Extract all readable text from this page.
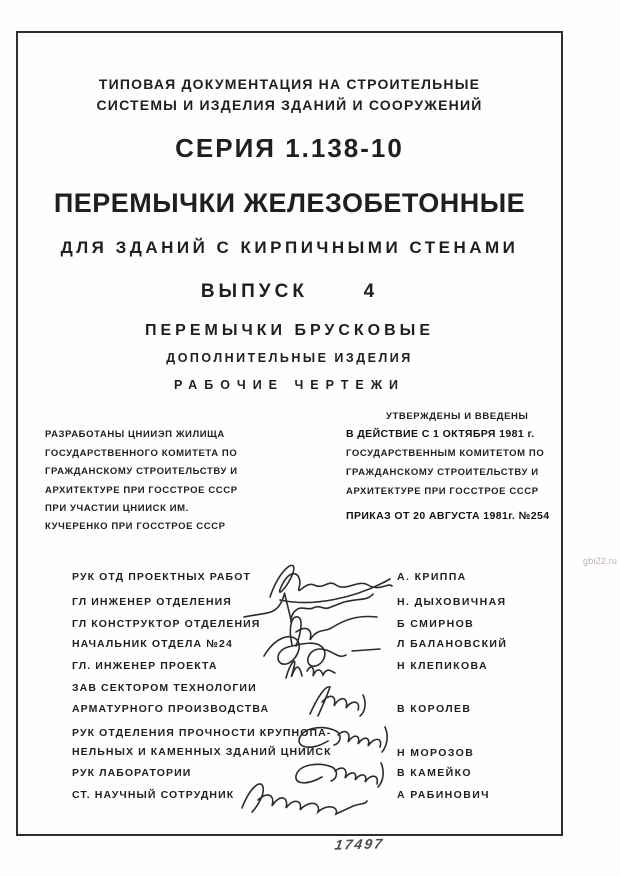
ТИПОВАЯ ДОКУМЕНТАЦИЯ НА СТРОИТЕЛЬНЫЕ
СИСТЕМЫ И ИЗДЕЛИЯ ЗДАНИЙ И СООРУЖЕНИЙ
СЕРИЯ 1.138-10
ПЕРЕМЫЧКИ ЖЕЛЕЗОБЕТОННЫЕ
ДЛЯ ЗДАНИЙ С КИРПИЧНЫМИ СТЕНАМИ
ВЫПУСК      4
ПЕРЕМЫЧКИ БРУСКОВЫЕ
ДОПОЛНИТЕЛЬНЫЕ ИЗДЕЛИЯ
РАБОЧИЕ ЧЕРТЕЖИ
РАЗРАБОТАНЫ ЦНИИЭП ЖИЛИЩА
ГОСУДАРСТВЕННОГО КОМИТЕТА ПО
ГРАЖДАНСКОМУ СТРОИТЕЛЬСТВУ И
АРХИТЕКТУРЕ ПРИ ГОССТРОЕ СССР
ПРИ УЧАСТИИ ЦНИИСК ИМ.
КУЧЕРЕНКО ПРИ ГОССТРОЕ СССР
УТВЕРЖДЕНЫ И ВВЕДЕНЫ
В ДЕЙСТВИЕ С 1 ОКТЯБРЯ 1981 г.
ГОСУДАРСТВЕННЫМ КОМИТЕТОМ ПО
ГРАЖДАНСКОМУ СТРОИТЕЛЬСТВУ И
АРХИТЕКТУРЕ ПРИ ГОССТРОЕ СССР
ПРИКАЗ ОТ 20 АВГУСТА 1981г. №254
РУК ОТД ПРОЕКТНЫХ РАБОТ	А. КРИППА
ГЛ ИНЖЕНЕР ОТДЕЛЕНИЯ	Н. ДЫХОВИЧНАЯ
ГЛ КОНСТРУКТОР ОТДЕЛЕНИЯ	Б СМИРНОВ
НАЧАЛЬНИК ОТДЕЛА №24	Л БАЛАНОВСКИЙ
ГЛ. ИНЖЕНЕР ПРОЕКТА	Н КЛЕПИКОВА
ЗАВ СЕКТОРОМ ТЕХНОЛОГИИ
АРМАТУРНОГО ПРОИЗВОДСТВА	В КОРОЛЕВ
РУК ОТДЕЛЕНИЯ ПРОЧНОСТИ КРУПНОПА-
НЕЛЬНЫХ И КАМЕННЫХ ЗДАНИЙ ЦНИИСК	Н МОРОЗОВ
РУК ЛАБОРАТОРИИ	В КАМЕЙКО
СТ. НАУЧНЫЙ СОТРУДНИК	А РАБИНОВИЧ
gbi22.ru
17497
